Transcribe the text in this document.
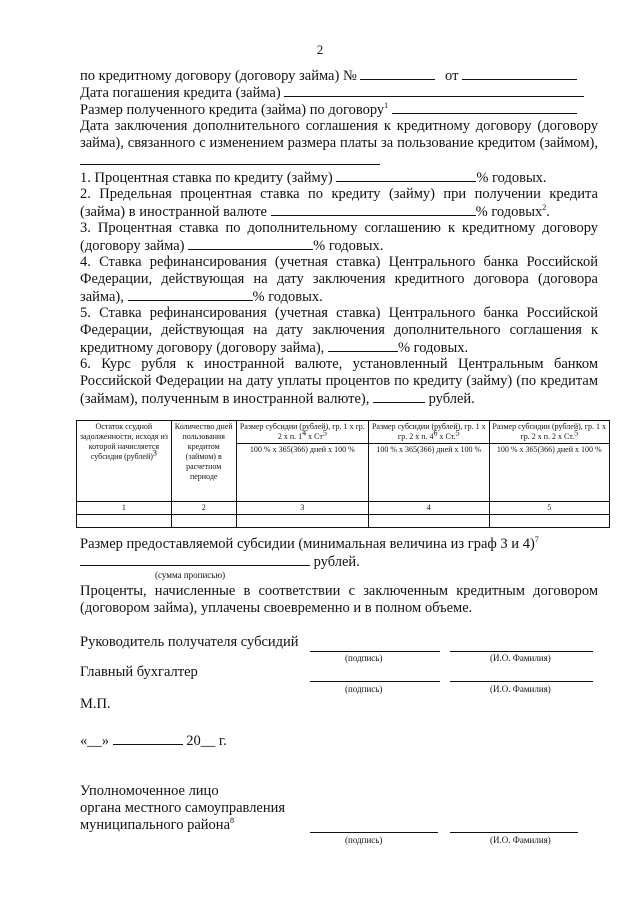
2
по кредитному договору (договору займа) №	от
Дата погашения кредита (займа)
Размер полученного кредита (займа) по договору$^1$
Дата заключения дополнительного соглашения к кредитному договору (договору займа), связанного с изменением размера платы за пользование кредитом (займом),
1. Процентная ставка по кредиту (займу)	% годовых.
2. Предельная процентная ставка по кредиту (займу) при получении кредита (займа) в иностранной валюте	% годовых$^2$.
3. Процентная ставка по дополнительному соглашению к кредитному договору (договору займа)	% годовых.
4. Ставка рефинансирования (учетная ставка) Центрального банка Российской Федерации, действующая на дату заключения кредитного договора (договора займа),	% годовых.
5. Ставка рефинансирования (учетная ставка) Центрального банка Российской Федерации, действующая на дату заключения дополнительного соглашения к кредитному договору (договору займа),	% годовых.
6. Курс рубля к иностранной валюте, установленный Центральным банком Российской Федерации на дату уплаты процентов по кредиту (займу) (по кредитам (займам), полученным в иностранной валюте),	рублей.
Остаток ссудной задолженности, исходя из которой начисляется субсидия (рублей)$^3$	Количество дней пользования кредитом (займом) в расчетном периоде	Размер субсидии (рублей), гр. 1 x гр. 2 x п. $1^4$ x $Ст^5$	Размер субсидии (рублей), гр. 1 x гр. 2 x п. $4^6$ x Ст.$^5$	Размер субсидии (рублей), гр. 1 x гр. 2 x п. 2 x Ст.$^5$
		100 % x 365(366) дней x 100 %	100 % x 365(366) дней x 100 %	100 % x 365(366) дней x 100 %
1	2	3	4	5

Размер предоставляемой субсидии (минимальная величина из граф 3 и 4)$^7$
рублей.
(сумма прописью)
Проценты, начисленные в соответствии с заключенным кредитным договором (договором займа), уплачены своевременно и в полном объеме.
Руководитель получателя субсидий
(подпись)	(И.О. Фамилия)
Главный бухгалтер
(подпись)	(И.О. Фамилия)
М.П.
«__»	20__ г.
Уполномоченное лицо
органа местного самоуправления
муниципального района$^8$
(подпись)	(И.О. Фамилия)
